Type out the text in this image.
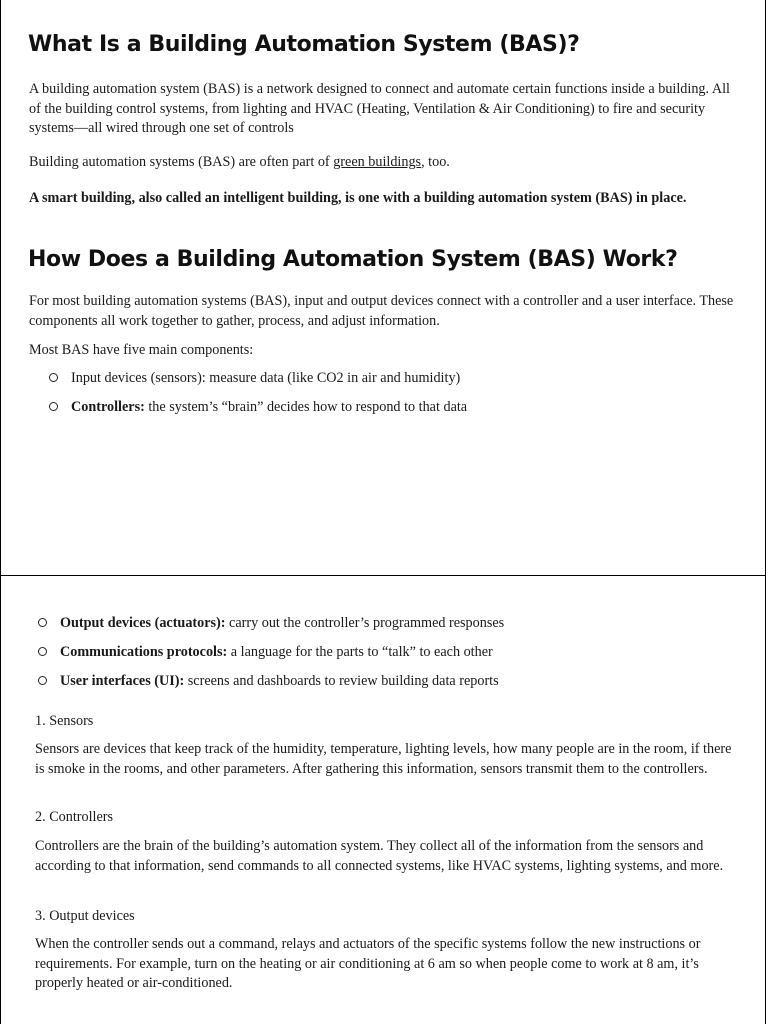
What Is a Building Automation System (BAS)?

A building automation system (BAS) is a network designed to connect and automate certain functions inside a building. All of the building control systems, from lighting and HVAC (Heating, Ventilation & Air Conditioning) to fire and security systems—all wired through one set of controls

Building automation systems (BAS) are often part of green buildings, too.

A smart building, also called an intelligent building, is one with a building automation system (BAS) in place.

How Does a Building Automation System (BAS) Work?

For most building automation systems (BAS), input and output devices connect with a controller and a user interface. These components all work together to gather, process, and adjust information.

Most BAS have five main components:

Input devices (sensors): measure data (like CO2 in air and humidity)
Controllers: the system’s “brain” decides how to respond to that data
Output devices (actuators): carry out the controller’s programmed responses
Communications protocols: a language for the parts to “talk” to each other
User interfaces (UI): screens and dashboards to review building data reports

1. Sensors

Sensors are devices that keep track of the humidity, temperature, lighting levels, how many people are in the room, if there is smoke in the rooms, and other parameters. After gathering this information, sensors transmit them to the controllers.

2. Controllers

Controllers are the brain of the building’s automation system. They collect all of the information from the sensors and according to that information, send commands to all connected systems, like HVAC systems, lighting systems, and more.

3. Output devices

When the controller sends out a command, relays and actuators of the specific systems follow the new instructions or requirements. For example, turn on the heating or air conditioning at 6 am so when people come to work at 8 am, it’s properly heated or air-conditioned.
